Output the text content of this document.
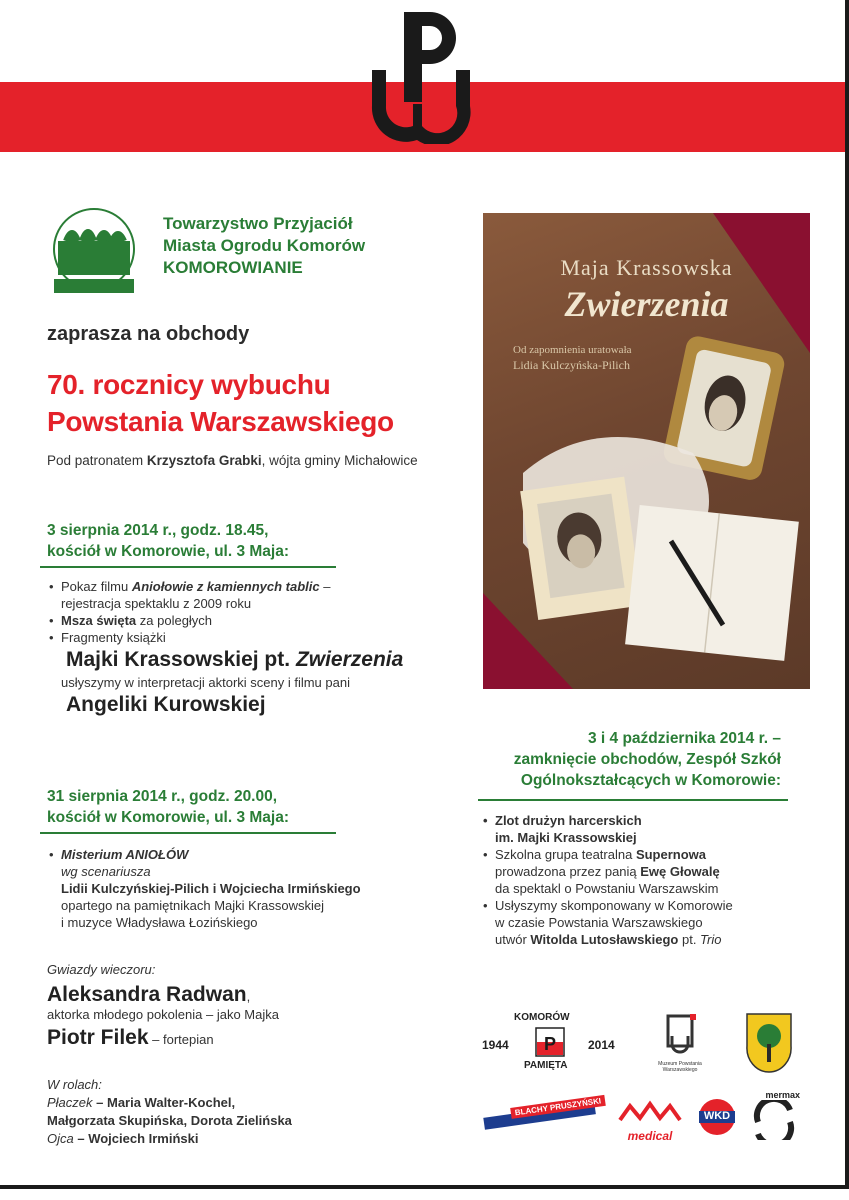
Towarzystwo Przyjaciół
Miasta Ogrodu Komorów
KOMOROWIANIE
zaprasza na obchody
70. rocznicy wybuchu
Powstania Warszawskiego
Pod patronatem Krzysztofa Grabki, wójta gminy Michałowice
3 sierpnia 2014 r., godz. 18.45,
kościół w Komorowie, ul. 3 Maja:
• Pokaz filmu Aniołowie z kamiennych tablic –
rejestracja spektaklu z 2009 roku
• Msza święta za poległych
• Fragmenty książki
Majki Krassowskiej pt. Zwierzenia
usłyszymy w interpretacji aktorki sceny i filmu pani
Angeliki Kurowskiej
31 sierpnia 2014 r., godz. 20.00,
kościół w Komorowie, ul. 3 Maja:
• Misterium ANIOŁÓW
wg scenariusza
Lidii Kulczyńskiej-Pilich i Wojciecha Irmińskiego
opartego na pamiętnikach Majki Krassowskiej
i muzyce Władysława Łozińskiego
Gwiazdy wieczoru:
Aleksandra Radwan,
aktorka młodego pokolenia – jako Majka
Piotr Filek – fortepian
W rolach:
Płaczek – Maria Walter-Kochel,
Małgorzata Skupińska, Dorota Zielińska
Ojca – Wojciech Irmiński
Maja Krassowska
Zwierzenia
Od zapomnienia uratowała
Lidia Kulczyńska-Pilich
3 i 4 października 2014 r. –
zamknięcie obchodów, Zespół Szkół
Ogólnokształcących w Komorowie:
• Zlot drużyn harcerskich
im. Majki Krassowskiej
• Szkolna grupa teatralna Supernowa
prowadzona przez panią Ewę Głowalę
da spektakl o Powstaniu Warszawskim
• Usłyszymy skomponowany w Komorowie
w czasie Powstania Warszawskiego
utwór Witolda Lutosławskiego pt. Trio
P
KOMORÓW
PAMIĘTA
1944	2014
Muzeum Powstania Warszawskiego
BLACHY PRUSZYŃSKI
medical
WKD
mermax
